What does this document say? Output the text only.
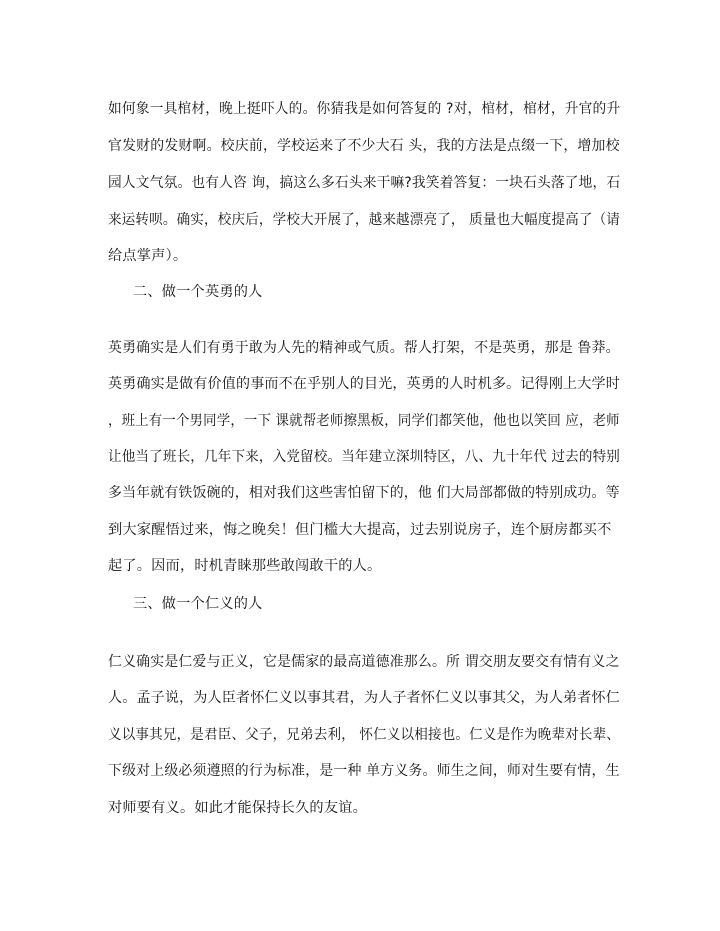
如何象一具棺材，晚上挺吓人的。你猜我是如何答复的 ?对，棺材，棺材，升官的升
官发财的发财啊。校庆前，学校运来了不少大石 头，我的方法是点缀一下，增加校
园人文气氛。也有人咨 询，搞这么多石头来干嘛?我笑着答复：一块石头落了地，石
来运转呗。确实，校庆后，学校大开展了，越来越漂亮了， 质量也大幅度提高了（请
给点掌声）。
二、做一个英勇的人
英勇确实是人们有勇于敢为人先的精神或气质。帮人打架，不是英勇，那是 鲁莽。
英勇确实是做有价值的事而不在乎别人的目光，英勇的人时机多。记得刚上大学时
，班上有一个男同学，一下 课就帮老师擦黑板，同学们都笑他，他也以笑回 应，老师
让他当了班长，几年下来，入党留校。当年建立深圳特区，八、九十年代 过去的特别
多当年就有铁饭碗的，相对我们这些害怕留下的，他 们大局部都做的特别成功。等
到大家醒悟过来，悔之晚矣！但门槛大大提高，过去别说房子，连个厨房都买不
起了。因而，时机青睐那些敢闯敢干的人。
三、做一个仁义的人
仁义确实是仁爱与正义，它是儒家的最高道德准那么。所 谓交朋友要交有情有义之
人。孟子说，为人臣者怀仁义以事其君，为人子者怀仁义以事其父，为人弟者怀仁
义以事其兄，是君臣、父子，兄弟去利， 怀仁义以相接也。仁义是作为晚辈对长辈、
下级对上级必须遵照的行为标准，是一种 单方义务。师生之间，师对生要有情，生
对师要有义。如此才能保持长久的友谊。
